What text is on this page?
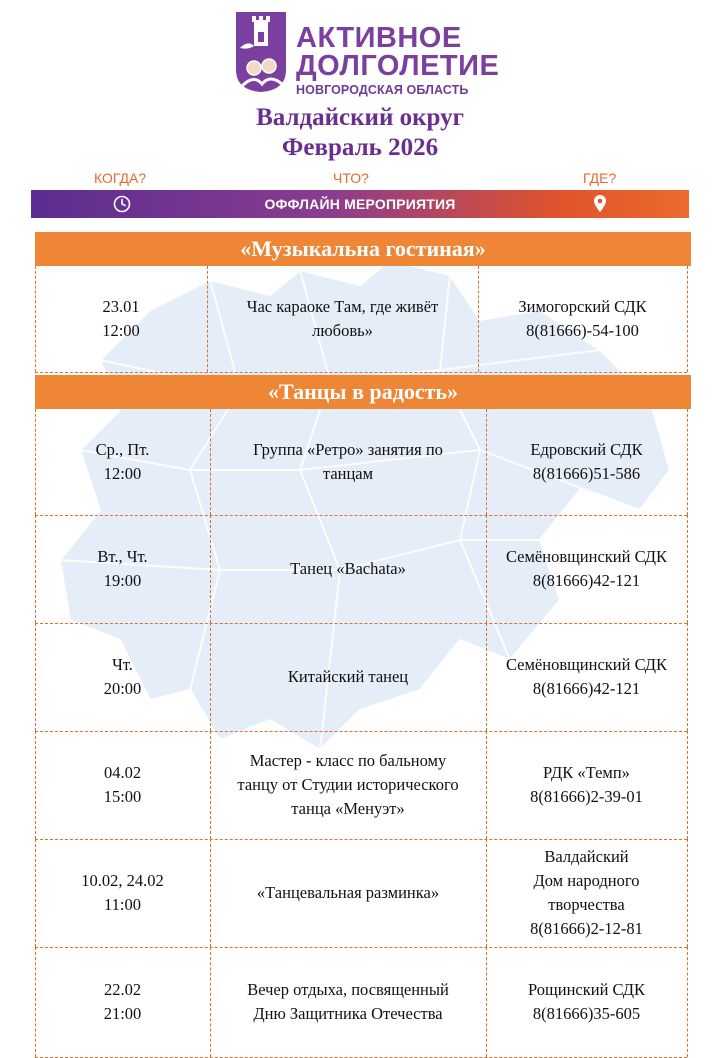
АКТИВНОЕ
ДОЛГОЛЕТИЕ
НОВГОРОДСКАЯ ОБЛАСТЬ
Валдайский округ
Февраль 2026
КОГДА?	ЧТО?	ГДЕ?
ОФФЛАЙН МЕРОПРИЯТИЯ
«Музыкальна гостиная»
23.01
12:00
Час караоке Там, где живёт
любовь»
Зимогорский СДК
8(81666)-54-100
«Танцы в радость»
Ср., Пт.
12:00
Группа «Ретро» занятия по
танцам
Едровский СДК
8(81666)51-586
Вт., Чт.
19:00
Танец «Bachata»
Семёновщинский СДК
8(81666)42-121
Чт.
20:00
Китайский танец
Семёновщинский СДК
8(81666)42-121
04.02
15:00
Мастер - класс по бальному
танцу от Студии исторического
танца «Менуэт»
РДК «Темп»
8(81666)2-39-01
10.02, 24.02
11:00
«Танцевальная разминка»
Валдайский
Дом народного
творчества
8(81666)2-12-81
22.02
21:00
Вечер отдыха, посвященный
Дню Защитника Отечества
Рощинский СДК
8(81666)35-605
